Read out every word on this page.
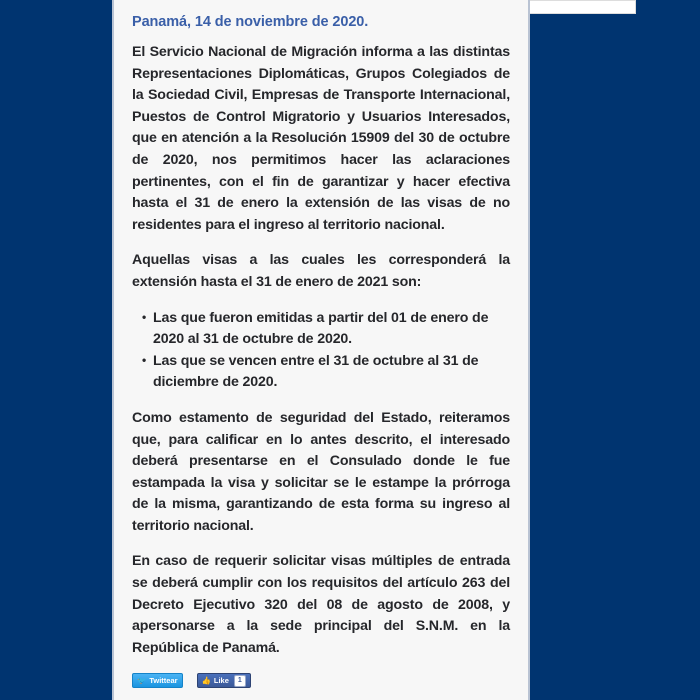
Panamá, 14 de noviembre de 2020.

El Servicio Nacional de Migración informa a las distintas Representaciones Diplomáticas, Grupos Colegiados de la Sociedad Civil, Empresas de Transporte Internacional, Puestos de Control Migratorio y Usuarios Interesados, que en atención a la Resolución 15909 del 30 de octubre de 2020, nos permitimos hacer las aclaraciones pertinentes, con el fin de garantizar y hacer efectiva hasta el 31 de enero la extensión de las visas de no residentes para el ingreso al territorio nacional.

Aquellas visas a las cuales les corresponderá la extensión hasta el 31 de enero de 2021 son:

• Las que fueron emitidas a partir del 01 de enero de 2020 al 31 de octubre de 2020.
• Las que se vencen entre el 31 de octubre al 31 de diciembre de 2020.

Como estamento de seguridad del Estado, reiteramos que, para calificar en lo antes descrito, el interesado deberá presentarse en el Consulado donde le fue estampada la visa y solicitar se le estampe la prórroga de la misma, garantizando de esta forma su ingreso al territorio nacional.

En caso de requerir solicitar visas múltiples de entrada se deberá cumplir con los requisitos del artículo 263 del Decreto Ejecutivo 320 del 08 de agosto de 2008, y apersonarse a la sede principal del S.N.M. en la República de Panamá.

🐦 Twittear	👍 Like	1
